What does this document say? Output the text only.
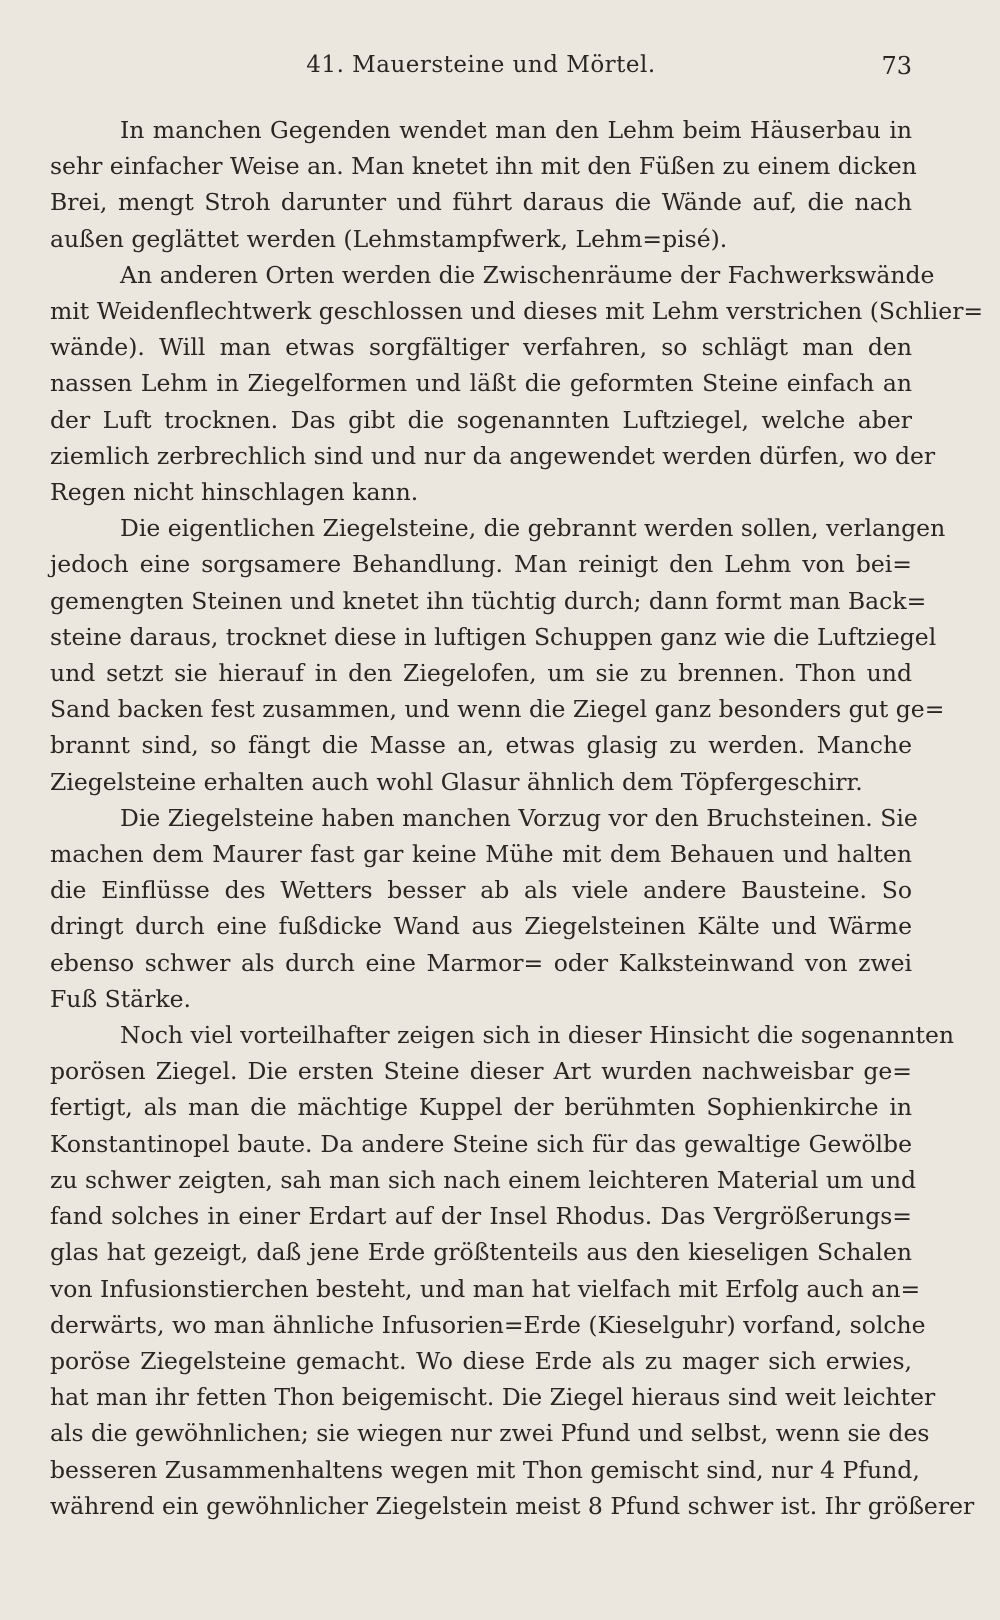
41. Mauersteine und Mörtel.	73
In manchen Gegenden wendet man den Lehm beim Häuserbau in
sehr einfacher Weise an. Man knetet ihn mit den Füßen zu einem dicken
Brei, mengt Stroh darunter und führt daraus die Wände auf, die nach
außen geglättet werden (Lehmstampfwerk, Lehm=pisé).
An anderen Orten werden die Zwischenräume der Fachwerkswände
mit Weidenflechtwerk geschlossen und dieses mit Lehm verstrichen (Schlier=
wände). Will man etwas sorgfältiger verfahren, so schlägt man den
nassen Lehm in Ziegelformen und läßt die geformten Steine einfach an
der Luft trocknen. Das gibt die sogenannten Luftziegel, welche aber
ziemlich zerbrechlich sind und nur da angewendet werden dürfen, wo der
Regen nicht hinschlagen kann.
Die eigentlichen Ziegelsteine, die gebrannt werden sollen, verlangen
jedoch eine sorgsamere Behandlung. Man reinigt den Lehm von bei=
gemengten Steinen und knetet ihn tüchtig durch; dann formt man Back=
steine daraus, trocknet diese in luftigen Schuppen ganz wie die Luftziegel
und setzt sie hierauf in den Ziegelofen, um sie zu brennen. Thon und
Sand backen fest zusammen, und wenn die Ziegel ganz besonders gut ge=
brannt sind, so fängt die Masse an, etwas glasig zu werden. Manche
Ziegelsteine erhalten auch wohl Glasur ähnlich dem Töpfergeschirr.
Die Ziegelsteine haben manchen Vorzug vor den Bruchsteinen. Sie
machen dem Maurer fast gar keine Mühe mit dem Behauen und halten
die Einflüsse des Wetters besser ab als viele andere Bausteine. So
dringt durch eine fußdicke Wand aus Ziegelsteinen Kälte und Wärme
ebenso schwer als durch eine Marmor= oder Kalksteinwand von zwei
Fuß Stärke.
Noch viel vorteilhafter zeigen sich in dieser Hinsicht die sogenannten
porösen Ziegel. Die ersten Steine dieser Art wurden nachweisbar ge=
fertigt, als man die mächtige Kuppel der berühmten Sophienkirche in
Konstantinopel baute. Da andere Steine sich für das gewaltige Gewölbe
zu schwer zeigten, sah man sich nach einem leichteren Material um und
fand solches in einer Erdart auf der Insel Rhodus. Das Vergrößerungs=
glas hat gezeigt, daß jene Erde größtenteils aus den kieseligen Schalen
von Infusionstierchen besteht, und man hat vielfach mit Erfolg auch an=
derwärts, wo man ähnliche Infusorien=Erde (Kieselguhr) vorfand, solche
poröse Ziegelsteine gemacht. Wo diese Erde als zu mager sich erwies,
hat man ihr fetten Thon beigemischt. Die Ziegel hieraus sind weit leichter
als die gewöhnlichen; sie wiegen nur zwei Pfund und selbst, wenn sie des
besseren Zusammenhaltens wegen mit Thon gemischt sind, nur 4 Pfund,
während ein gewöhnlicher Ziegelstein meist 8 Pfund schwer ist. Ihr größerer
